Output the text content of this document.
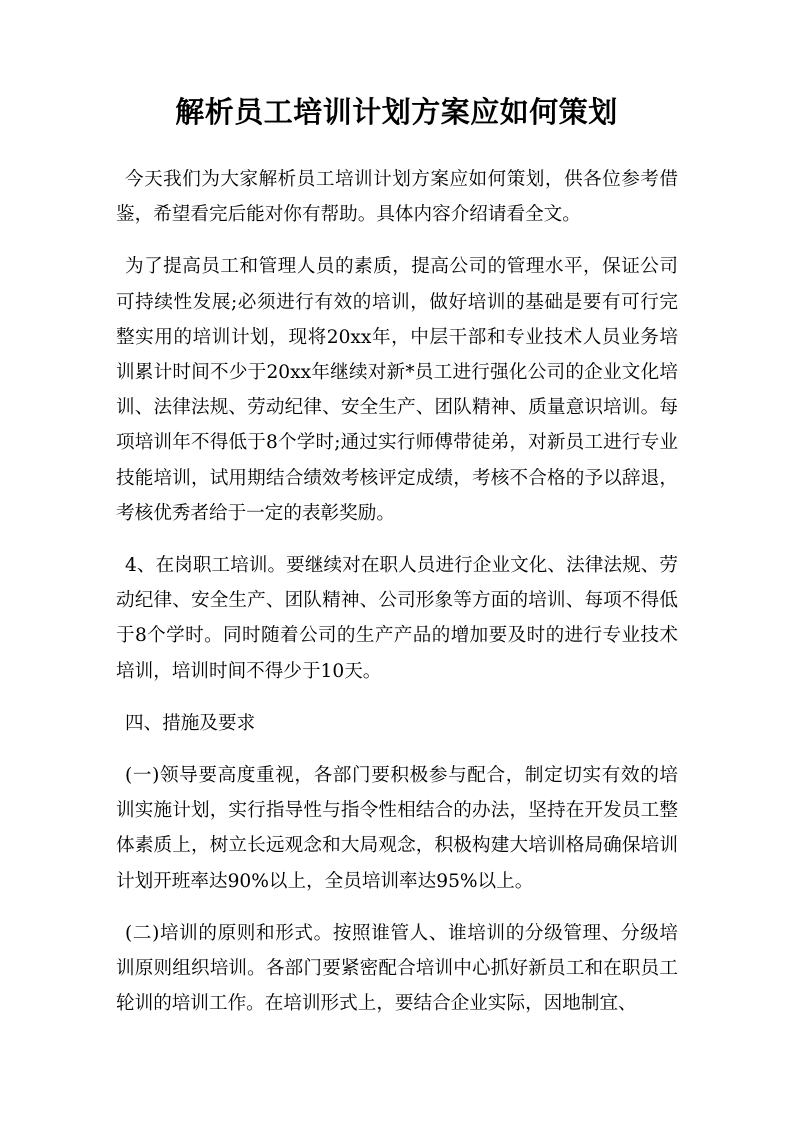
解析员工培训计划方案应如何策划

今天我们为大家解析员工培训计划方案应如何策划，供各位参考借鉴，希望看完后能对你有帮助。具体内容介绍请看全文。

为了提高员工和管理人员的素质，提高公司的管理水平，保证公司可持续性发展;必须进行有效的培训，做好培训的基础是要有可行完整实用的培训计划，现将20xx年，中层干部和专业技术人员业务培训累计时间不少于20xx年继续对新*员工进行强化公司的企业文化培训、法律法规、劳动纪律、安全生产、团队精神、质量意识培训。每项培训年不得低于8个学时;通过实行师傅带徒弟，对新员工进行专业技能培训，试用期结合绩效考核评定成绩，考核不合格的予以辞退，考核优秀者给于一定的表彰奖励。

4、在岗职工培训。要继续对在职人员进行企业文化、法律法规、劳动纪律、安全生产、团队精神、公司形象等方面的培训、每项不得低于8个学时。同时随着公司的生产产品的增加要及时的进行专业技术培训，培训时间不得少于10天。

四、措施及要求

(一)领导要高度重视，各部门要积极参与配合，制定切实有效的培训实施计划，实行指导性与指令性相结合的办法，坚持在开发员工整体素质上，树立长远观念和大局观念，积极构建大培训格局确保培训计划开班率达90%以上，全员培训率达95%以上。

(二)培训的原则和形式。按照谁管人、谁培训的分级管理、分级培训原则组织培训。各部门要紧密配合培训中心抓好新员工和在职员工轮训的培训工作。在培训形式上，要结合企业实际，因地制宜、
